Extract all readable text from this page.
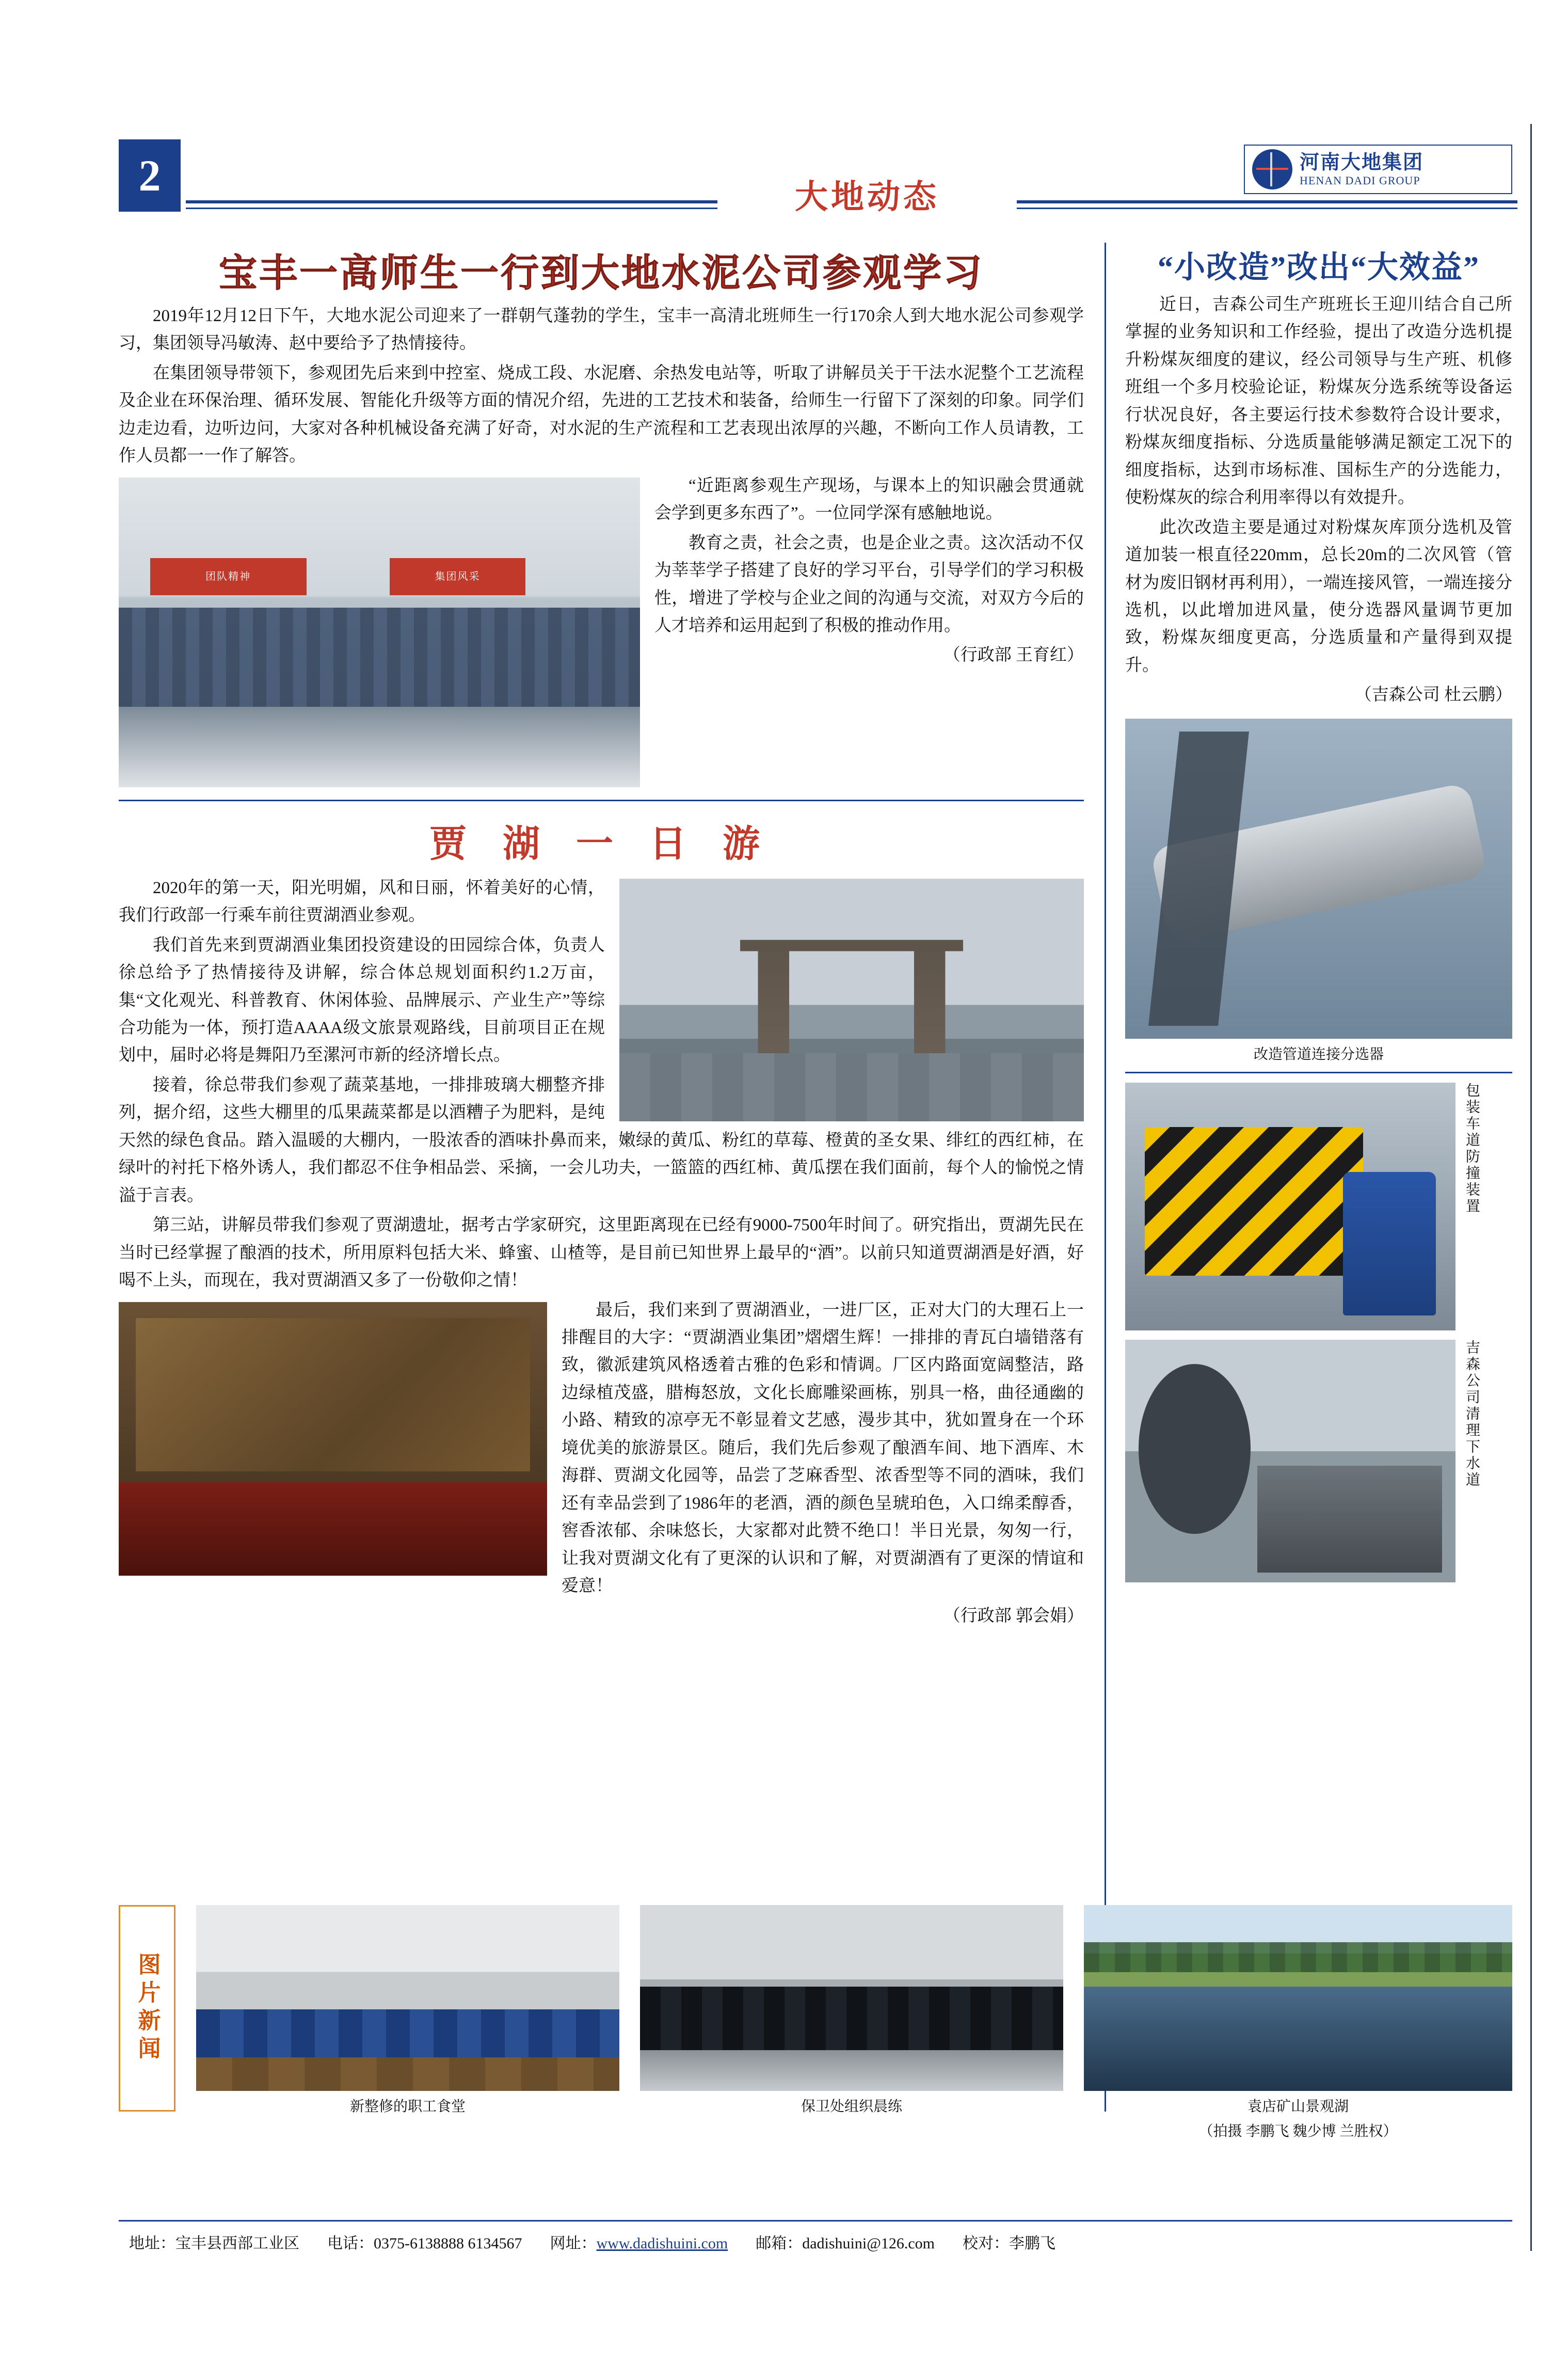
2	大地动态
河南大地集团
HENAN DADI GROUP
宝丰一高师生一行到大地水泥公司参观学习

2019年12月12日下午，大地水泥公司迎来了一群朝气蓬勃的学生，宝丰一高清北班师生一行170余人到大地水泥公司参观学习，集团领导冯敏涛、赵中要给予了热情接待。

在集团领导带领下，参观团先后来到中控室、烧成工段、水泥磨、余热发电站等，听取了讲解员关于干法水泥整个工艺流程及企业在环保治理、循环发展、智能化升级等方面的情况介绍，先进的工艺技术和装备，给师生一行留下了深刻的印象。同学们边走边看，边听边问，大家对各种机械设备充满了好奇，对水泥的生产流程和工艺表现出浓厚的兴趣，不断向工作人员请教，工作人员都一一作了解答。

团队精神	集团风采

“近距离参观生产现场，与课本上的知识融会贯通就会学到更多东西了”。一位同学深有感触地说。

教育之责，社会之责，也是企业之责。这次活动不仅为莘莘学子搭建了良好的学习平台，引导学们的学习积极性，增进了学校与企业之间的沟通与交流，对双方今后的人才培养和运用起到了积极的推动作用。

（行政部 王育红）

贾 湖 一 日 游

2020年的第一天，阳光明媚，风和日丽，怀着美好的心情，我们行政部一行乘车前往贾湖酒业参观。

我们首先来到贾湖酒业集团投资建设的田园综合体，负责人徐总给予了热情接待及讲解，综合体总规划面积约1.2万亩，集“文化观光、科普教育、休闲体验、品牌展示、产业生产”等综合功能为一体，预打造AAAA级文旅景观路线，目前项目正在规划中，届时必将是舞阳乃至漯河市新的经济增长点。

接着，徐总带我们参观了蔬菜基地，一排排玻璃大棚整齐排列，据介绍，这些大棚里的瓜果蔬菜都是以酒糟子为肥料，是纯天然的绿色食品。踏入温暖的大棚内，一股浓香的酒味扑鼻而来，嫩绿的黄瓜、粉红的草莓、橙黄的圣女果、绯红的西红柿，在绿叶的衬托下格外诱人，我们都忍不住争相品尝、采摘，一会儿功夫，一篮篮的西红柿、黄瓜摆在我们面前，每个人的愉悦之情溢于言表。

第三站，讲解员带我们参观了贾湖遗址，据考古学家研究，这里距离现在已经有9000-7500年时间了。研究指出，贾湖先民在当时已经掌握了酿酒的技术，所用原料包括大米、蜂蜜、山楂等，是目前已知世界上最早的“酒”。以前只知道贾湖酒是好酒，好喝不上头，而现在，我对贾湖酒又多了一份敬仰之情！

最后，我们来到了贾湖酒业，一进厂区，正对大门的大理石上一排醒目的大字：“贾湖酒业集团”熠熠生辉！一排排的青瓦白墙错落有致，徽派建筑风格透着古雅的色彩和情调。厂区内路面宽阔整洁，路边绿植茂盛，腊梅怒放，文化长廊雕梁画栋，别具一格，曲径通幽的小路、精致的凉亭无不彰显着文艺感，漫步其中，犹如置身在一个环境优美的旅游景区。随后，我们先后参观了酿酒车间、地下酒库、木海群、贾湖文化园等，品尝了芝麻香型、浓香型等不同的酒味，我们还有幸品尝到了1986年的老酒，酒的颜色呈琥珀色，入口绵柔醇香，窖香浓郁、余味悠长，大家都对此赞不绝口！半日光景，匆匆一行，让我对贾湖文化有了更深的认识和了解，对贾湖酒有了更深的情谊和爱意！

（行政部 郭会娟）

“小改造”改出“大效益”

近日，吉森公司生产班班长王迎川结合自己所掌握的业务知识和工作经验，提出了改造分选机提升粉煤灰细度的建议，经公司领导与生产班、机修班组一个多月校验论证，粉煤灰分选系统等设备运行状况良好，各主要运行技术参数符合设计要求，粉煤灰细度指标、分选质量能够满足额定工况下的细度指标，达到市场标准、国标生产的分选能力，使粉煤灰的综合利用率得以有效提升。

此次改造主要是通过对粉煤灰库顶分选机及管道加装一根直径220mm，总长20m的二次风管（管材为废旧钢材再利用），一端连接风管，一端连接分选机，以此增加进风量，使分选器风量调节更加致，粉煤灰细度更高，分选质量和产量得到双提升。

（吉森公司 杜云鹏）

改造管道连接分选器
包装车道防撞装置
吉森公司清理下水道
图片新闻
新整修的职工食堂	保卫处组织晨练	袁店矿山景观湖
（拍摄 李鹏飞 魏少博 兰胜权）
地址：宝丰县西部工业区 电话：0375-6138888 6134567 网址：www.dadishuini.com 邮箱：dadishuini@126.com 校对：李鹏飞
